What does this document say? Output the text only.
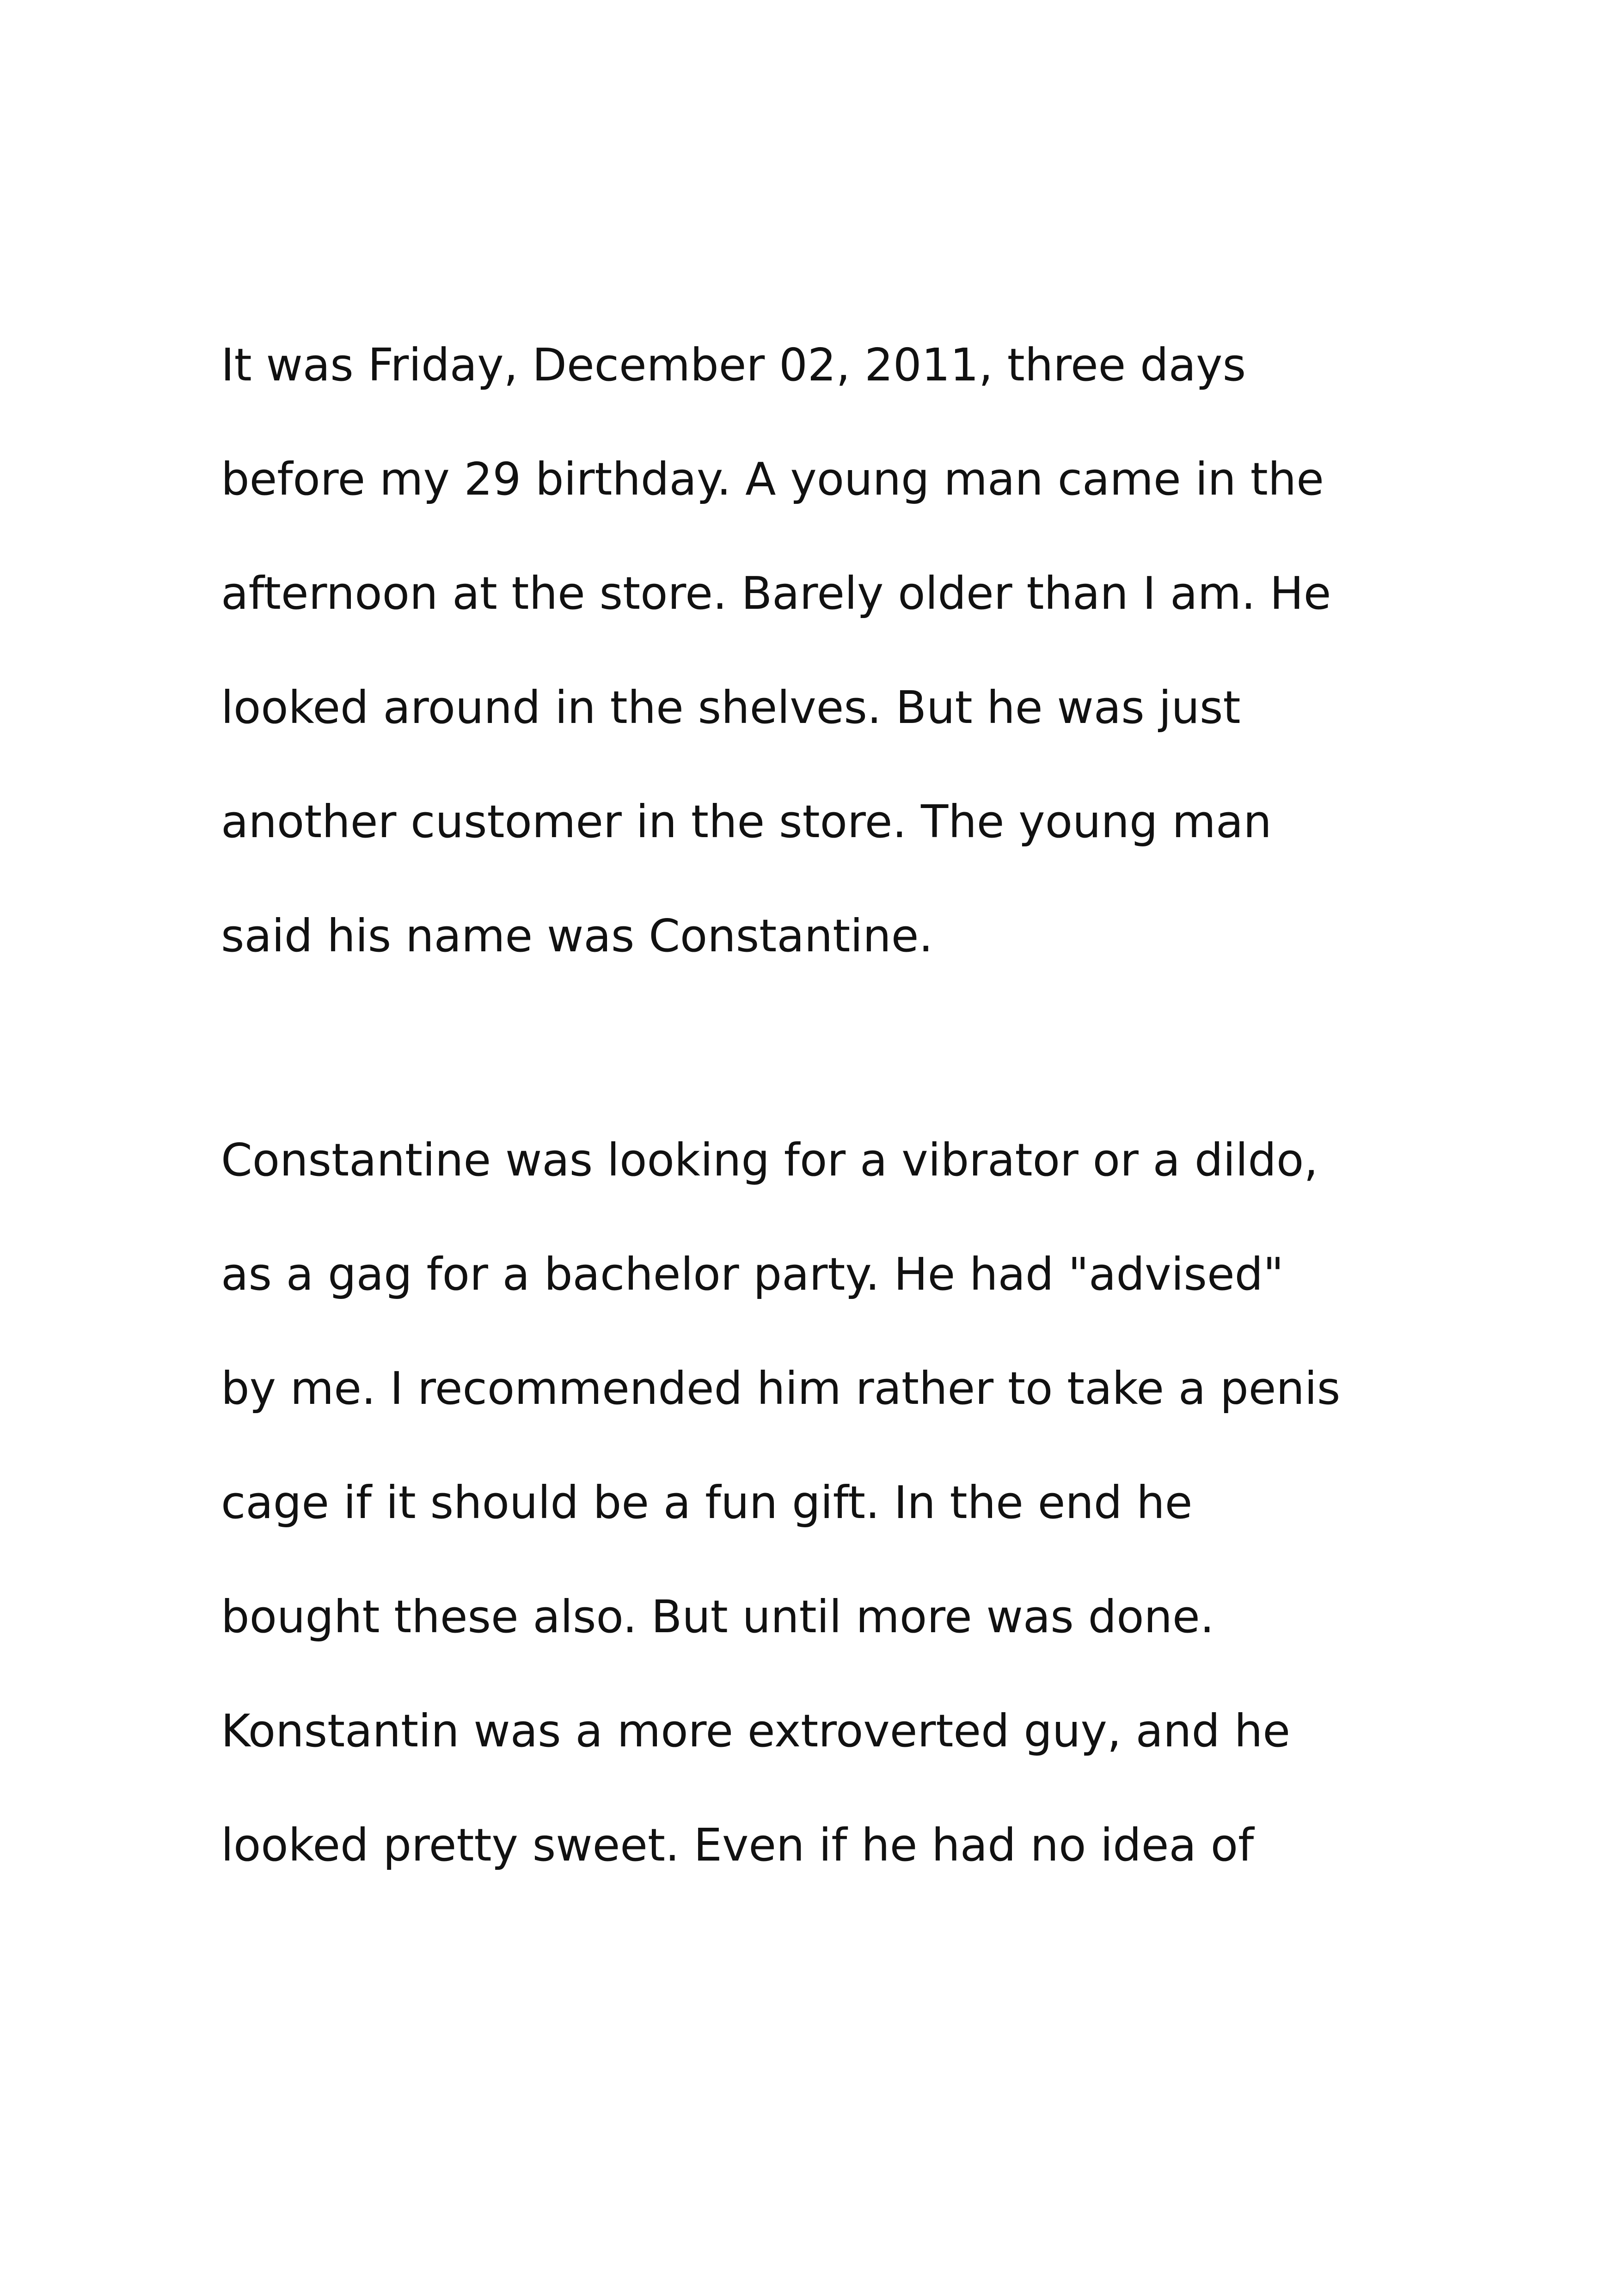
It was Friday, December 02, 2011, three days
before my 29 birthday. A young man came in the
afternoon at the store. Barely older than I am. He
looked around in the shelves. But he was just
another customer in the store. The young man
said his name was Constantine.
Constantine was looking for a vibrator or a dildo,
as a gag for a bachelor party. He had "advised"
by me. I recommended him rather to take a penis
cage if it should be a fun gift. In the end he
bought these also. But until more was done.
Konstantin was a more extroverted guy, and he
looked pretty sweet. Even if he had no idea of
